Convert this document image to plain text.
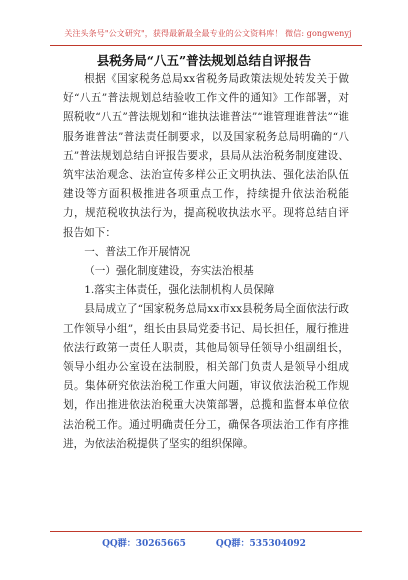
关注头条号"公文研究"，获得最新最全最专业的公文资料库！ 微信: gongwenyj
县税务局“八五”普法规划总结自评报告

根据《国家税务总局xx省税务局政策法规处转发关于做好“八五”普法规划总结验收工作文件的通知》工作部署，对照税收“八五”普法规划和“谁执法谁普法”“谁管理谁普法”“谁服务谁普法”普法责任制要求，以及国家税务总局明确的“八五”普法规划总结自评报告要求，县局从法治税务制度建设、筑牢法治观念、法治宣传多样公正文明执法、强化法治队伍建设等方面积极推进各项重点工作，持续提升依法治税能力，规范税收执法行为，提高税收执法水平。现将总结自评报告如下：

一、普法工作开展情况

（一）强化制度建设，夯实法治根基

1.落实主体责任，强化法制机构人员保障

县局成立了“国家税务总局xx市xx县税务局全面依法行政工作领导小组”，组长由县局党委书记、局长担任，履行推进依法行政第一责任人职责，其他局领导任领导小组副组长，领导小组办公室设在法制股，相关部门负责人是领导小组成员。集体研究依法治税工作重大问题，审议依法治税工作规划，作出推进依法治税重大决策部署，总揽和监督本单位依法治税工作。通过明确责任分工，确保各项法治工作有序推进，为依法治税提供了坚实的组织保障。

QQ群：30265665	QQ群：535304092
